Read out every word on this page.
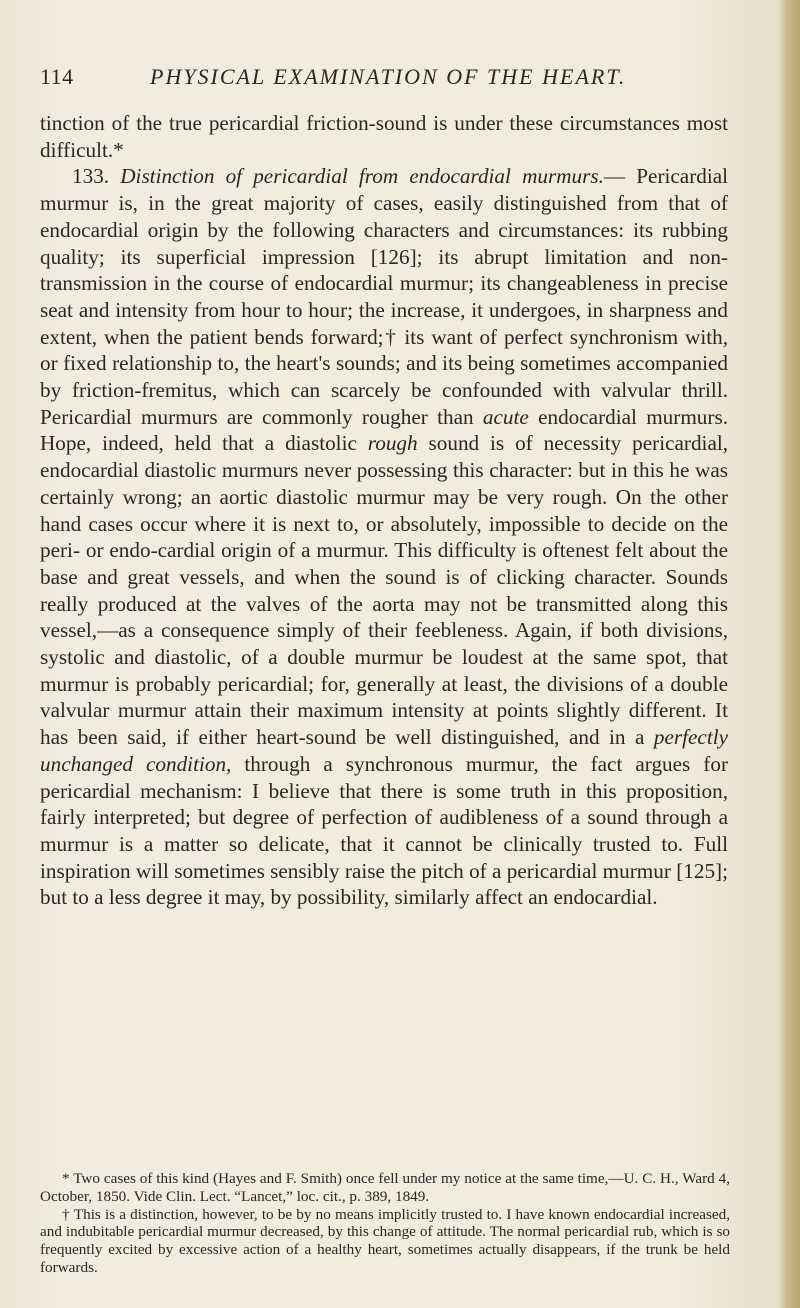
114	PHYSICAL EXAMINATION OF THE HEART.

tinction of the true pericardial friction-sound is under these circumstances most difficult.*

133. Distinction of pericardial from endocardial murmurs.— Pericardial murmur is, in the great majority of cases, easily distinguished from that of endocardial origin by the following characters and circumstances: its rubbing quality; its superficial impression [126]; its abrupt limitation and non-transmission in the course of endocardial murmur; its changeableness in precise seat and intensity from hour to hour; the increase, it undergoes, in sharpness and extent, when the patient bends forward;† its want of perfect synchronism with, or fixed relationship to, the heart's sounds; and its being sometimes accompanied by friction-fremitus, which can scarcely be confounded with valvular thrill. Pericardial murmurs are commonly rougher than acute endocardial murmurs. Hope, indeed, held that a diastolic rough sound is of necessity pericardial, endocardial diastolic murmurs never possessing this character: but in this he was certainly wrong; an aortic diastolic murmur may be very rough. On the other hand cases occur where it is next to, or absolutely, impossible to decide on the peri- or endo-cardial origin of a murmur. This difficulty is oftenest felt about the base and great vessels, and when the sound is of clicking character. Sounds really produced at the valves of the aorta may not be transmitted along this vessel,—as a consequence simply of their feebleness. Again, if both divisions, systolic and diastolic, of a double murmur be loudest at the same spot, that murmur is probably pericardial; for, generally at least, the divisions of a double valvular murmur attain their maximum intensity at points slightly different. It has been said, if either heart-sound be well distinguished, and in a perfectly unchanged condition, through a synchronous murmur, the fact argues for pericardial mechanism: I believe that there is some truth in this proposition, fairly interpreted; but degree of perfection of audibleness of a sound through a murmur is a matter so delicate, that it cannot be clinically trusted to. Full inspiration will sometimes sensibly raise the pitch of a pericardial murmur [125]; but to a less degree it may, by possibility, similarly affect an endocardial.

* Two cases of this kind (Hayes and F. Smith) once fell under my notice at the same time,—U. C. H., Ward 4, October, 1850. Vide Clin. Lect. “Lancet,” loc. cit., p. 389, 1849.

† This is a distinction, however, to be by no means implicitly trusted to. I have known endocardial increased, and indubitable pericardial murmur decreased, by this change of attitude. The normal pericardial rub, which is so frequently excited by excessive action of a healthy heart, sometimes actually disappears, if the trunk be held forwards.
